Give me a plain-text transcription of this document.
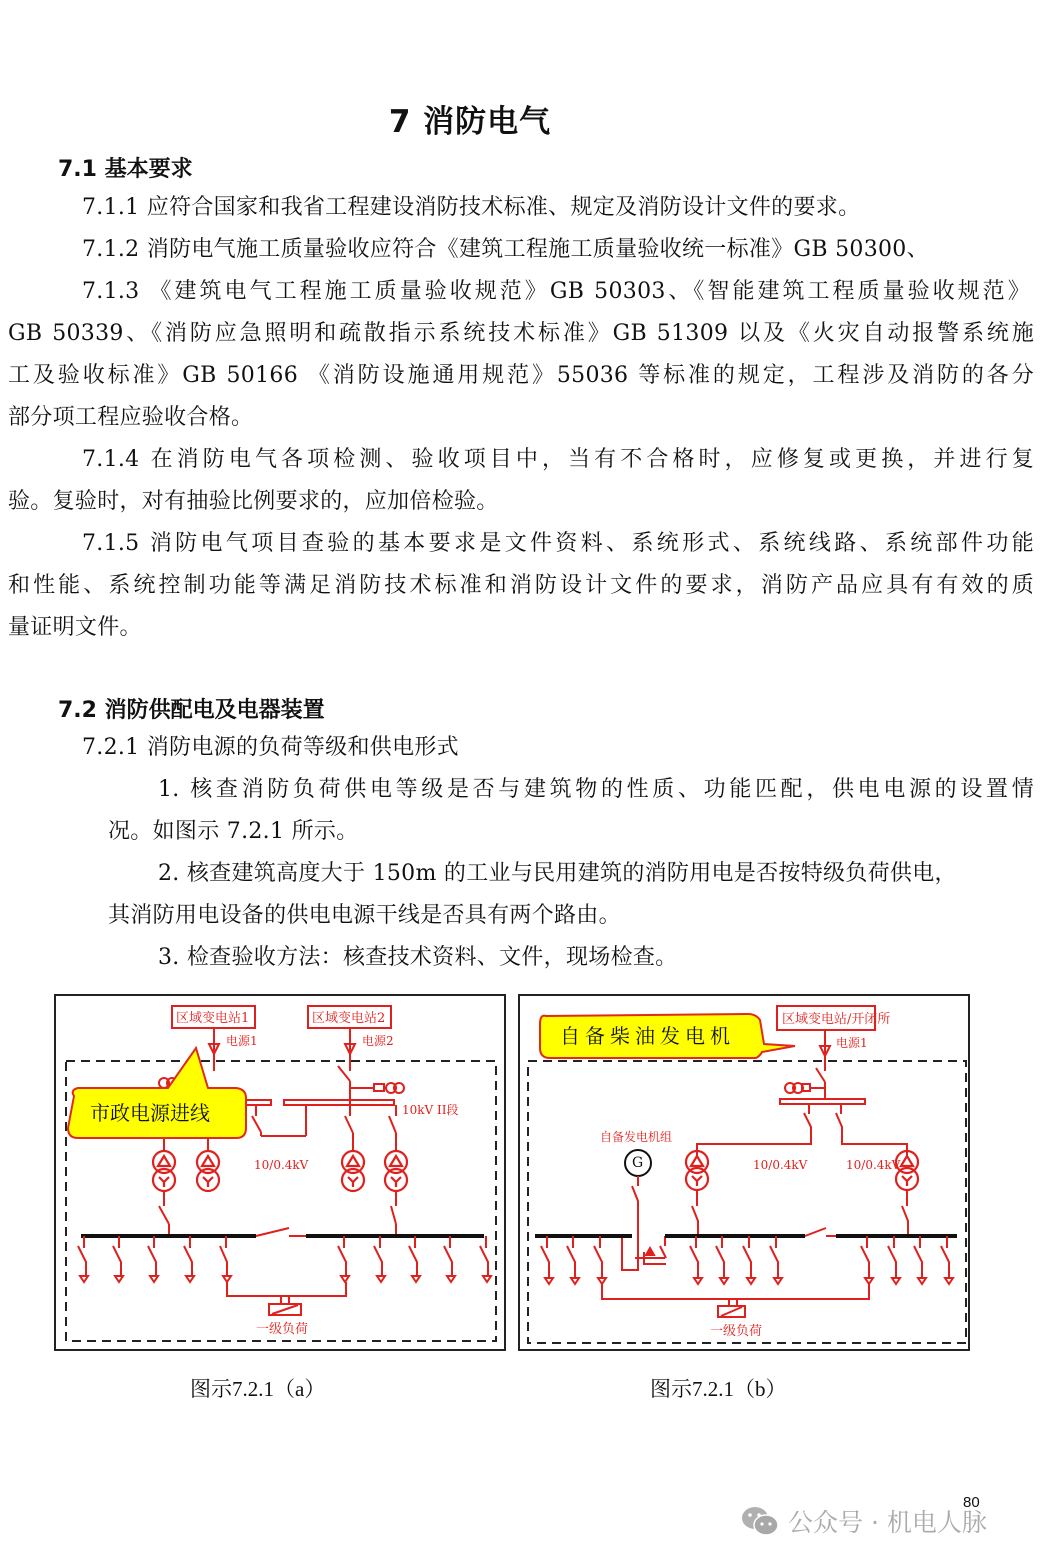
7 消防电气
7.1 基本要求
7.1.1 应符合国家和我省工程建设消防技术标准、规定及消防设计文件的要求。
7.1.2 消防电气施工质量验收应符合《建筑工程施工质量验收统一标准》GB 50300、
7.1.3 《建筑电气工程施工质量验收规范》GB 50303、《智能建筑工程质量验收规范》
GB 50339、《消防应急照明和疏散指示系统技术标准》GB 51309 以及《火灾自动报警系统施
工及验收标准》GB 50166 《消防设施通用规范》55036 等标准的规定，工程涉及消防的各分
部分项工程应验收合格。
7.1.4 在消防电气各项检测、验收项目中，当有不合格时，应修复或更换，并进行复
验。复验时，对有抽验比例要求的，应加倍检验。
7.1.5 消防电气项目查验的基本要求是文件资料、系统形式、系统线路、系统部件功能
和性能、系统控制功能等满足消防技术标准和消防设计文件的要求，消防产品应具有有效的质
量证明文件。
7.2 消防供配电及电器装置
7.2.1 消防电源的负荷等级和供电形式
1. 核查消防负荷供电等级是否与建筑物的性质、功能匹配，供电电源的设置情
况。如图示 7.2.1 所示。
2. 核查建筑高度大于 150m 的工业与民用建筑的消防用电是否按特级负荷供电，
其消防用电设备的供电电源干线是否具有两个路由。
3. 检查验收方法：核查技术资料、文件，现场检查。
区域变电站1	区域变电站2
电源1	电源2
10kV II段
10/0.4kV
一级负荷
市政电源进线
G
区域变电站/开闭所
电源1
自备发电机组
10/0.4kV	10/0.4kV
一级负荷
自备柴油发电机
图示7.2.1（a）	图示7.2.1（b）
80
公众号 · 机电人脉
